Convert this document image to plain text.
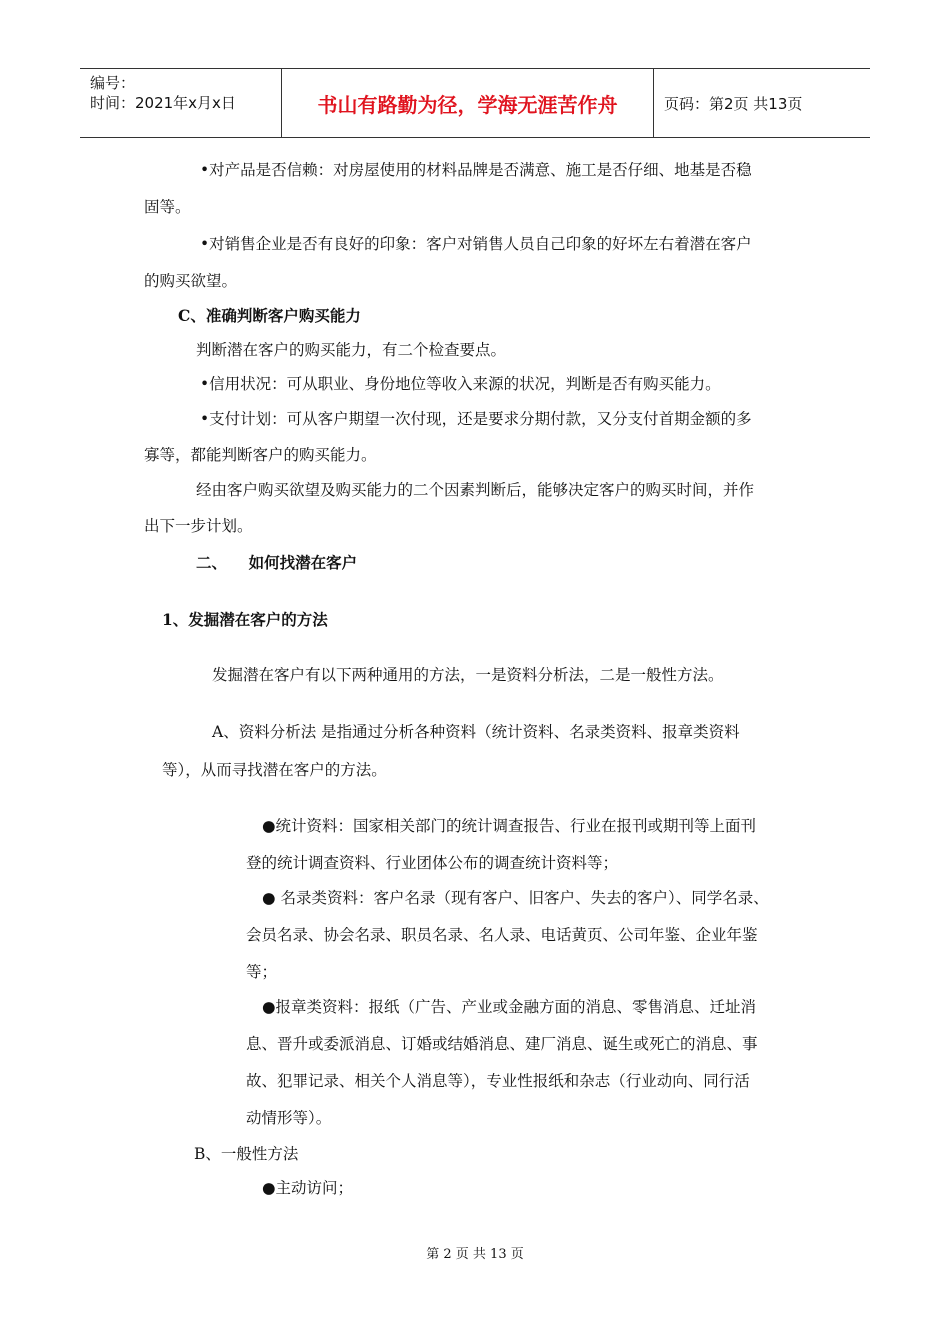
编号：
时间：2021年x月x日	书山有路勤为径，学海无涯苦作舟	页码：第2页 共13页

•对产品是否信赖：对房屋使用的材料品牌是否满意、施工是否仔细、地基是否稳

固等。

•对销售企业是否有良好的印象：客户对销售人员自己印象的好坏左右着潜在客户

的购买欲望。

C、准确判断客户购买能力

判断潜在客户的购买能力，有二个检查要点。

•信用状况：可从职业、身份地位等收入来源的状况，判断是否有购买能力。

•支付计划：可从客户期望一次付现，还是要求分期付款，又分支付首期金额的多

寡等，都能判断客户的购买能力。

经由客户购买欲望及购买能力的二个因素判断后，能够决定客户的购买时间，并作

出下一步计划。

二、    如何找潜在客户

1、发掘潜在客户的方法

发掘潜在客户有以下两种通用的方法，一是资料分析法，二是一般性方法。

A、资料分析法 是指通过分析各种资料（统计资料、名录类资料、报章类资料

等），从而寻找潜在客户的方法。

●统计资料：国家相关部门的统计调查报告、行业在报刊或期刊等上面刊

登的统计调查资料、行业团体公布的调查统计资料等；

● 名录类资料：客户名录（现有客户、旧客户、失去的客户）、同学名录、

会员名录、协会名录、职员名录、名人录、电话黄页、公司年鉴、企业年鉴

等；

●报章类资料：报纸（广告、产业或金融方面的消息、零售消息、迁址消

息、晋升或委派消息、订婚或结婚消息、建厂消息、诞生或死亡的消息、事

故、犯罪记录、相关个人消息等），专业性报纸和杂志（行业动向、同行活

动情形等）。

B、一般性方法

●主动访问；

第 2 页 共 13 页
